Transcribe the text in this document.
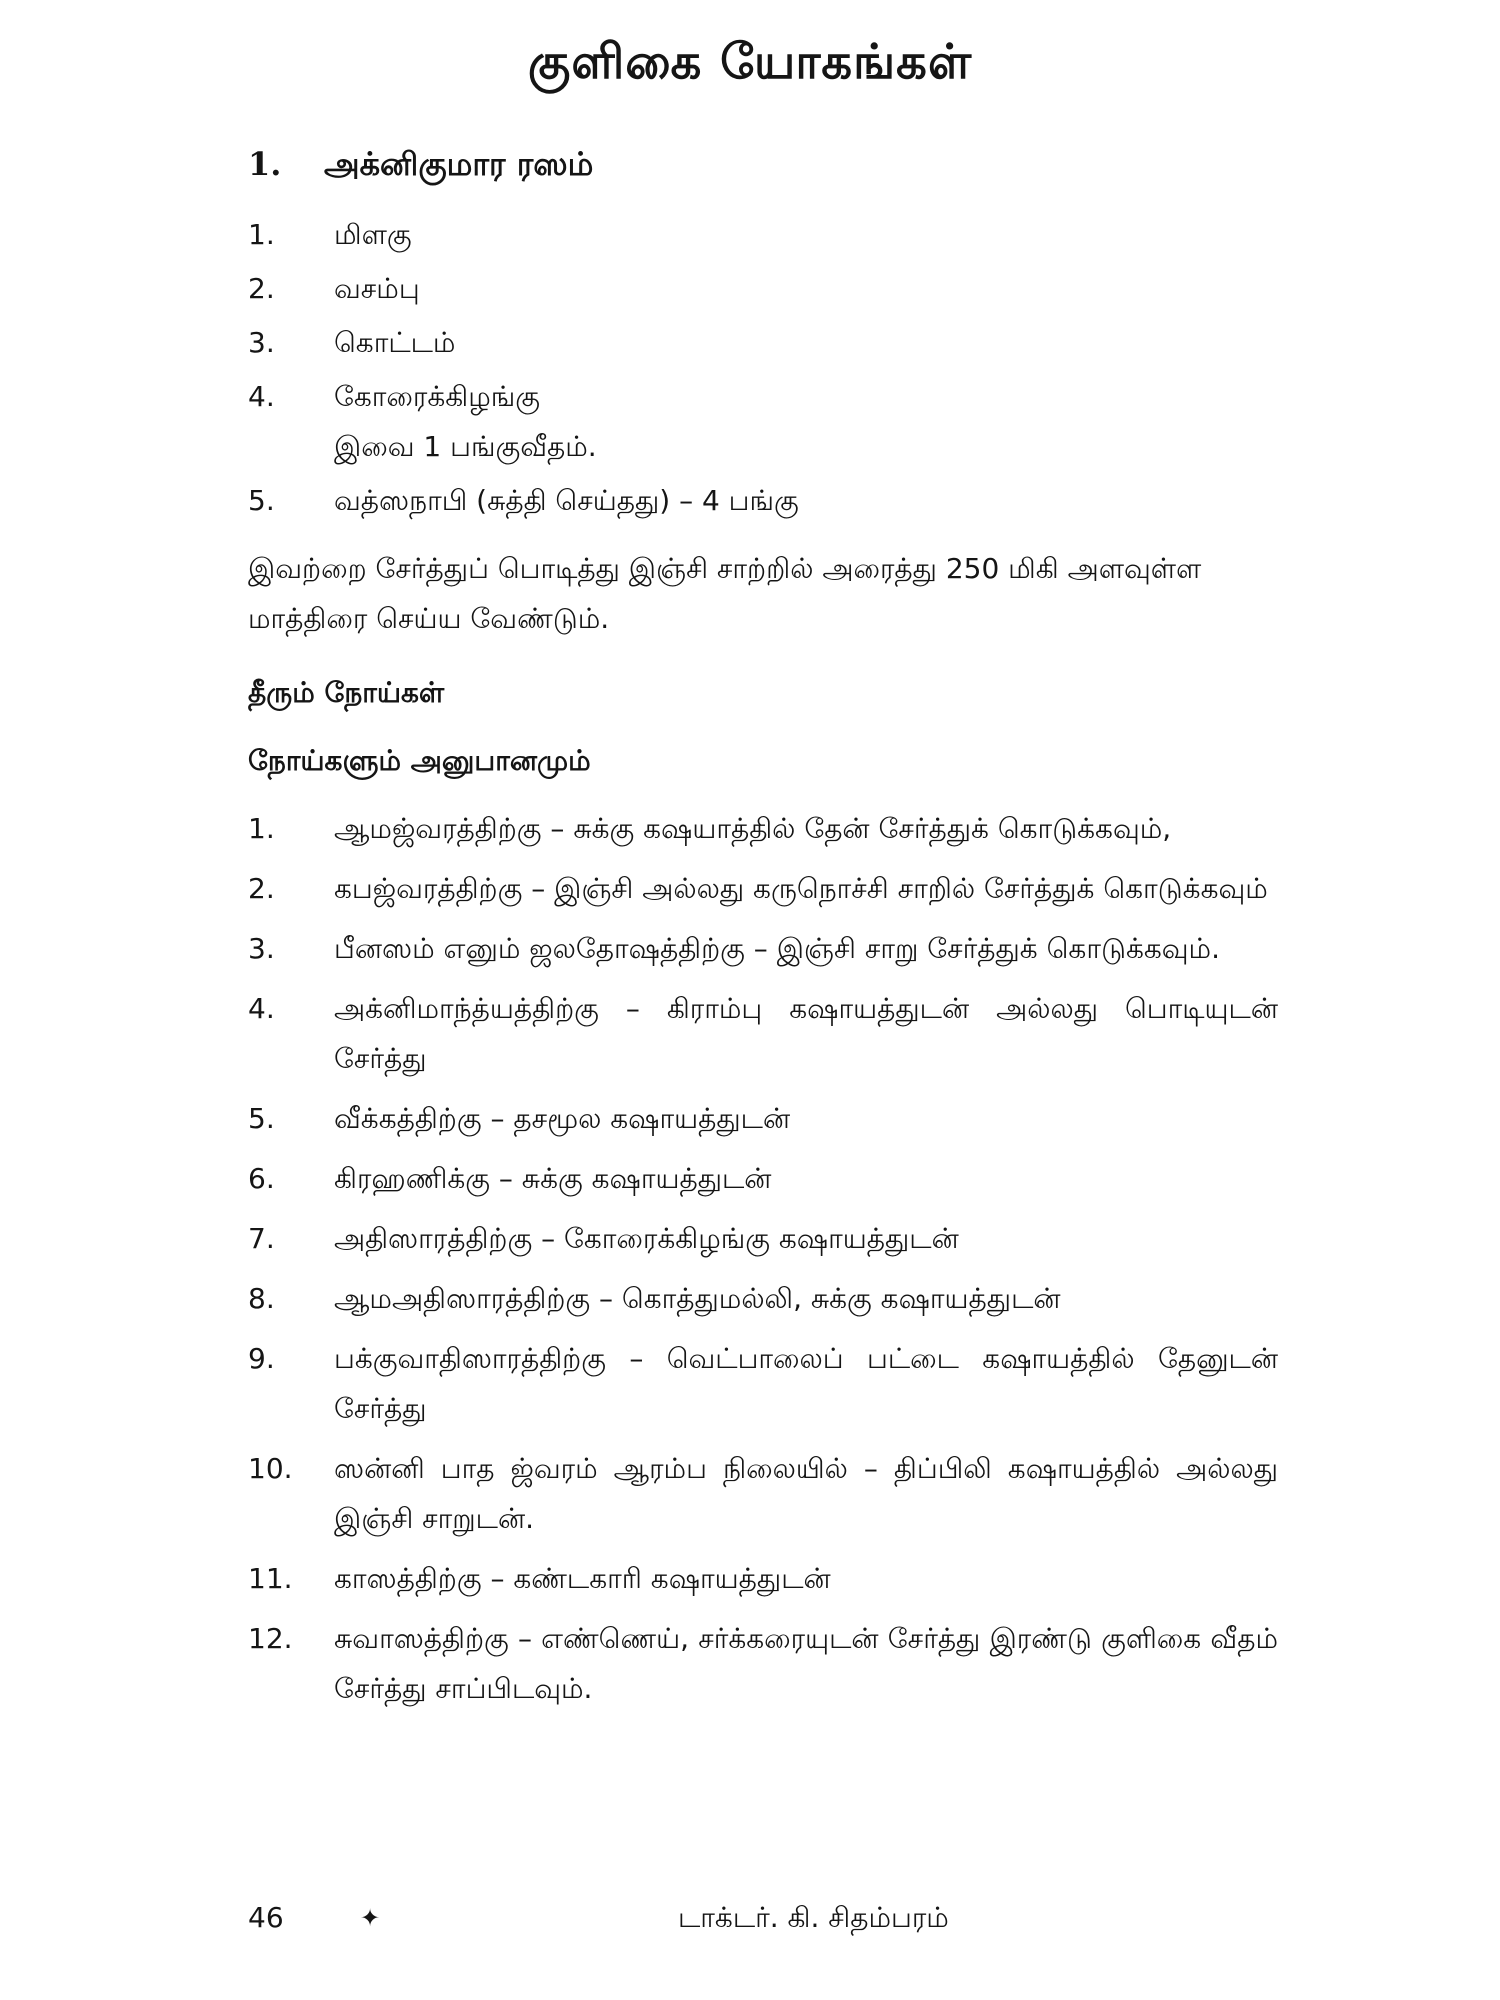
குளிகை யோகங்கள்
1.	அக்னிகுமார ரஸம்
1.	மிளகு
2.	வசம்பு
3.	கொட்டம்
4.	கோரைக்கிழங்கு
இவை 1 பங்குவீதம்.
5.	வத்ஸநாபி (சுத்தி செய்தது) – 4 பங்கு

இவற்றை சேர்த்துப் பொடித்து இஞ்சி சாற்றில் அரைத்து 250 மிகி அளவுள்ள மாத்திரை செய்ய வேண்டும்.

தீரும் நோய்கள்
நோய்களும் அனுபானமும்
1.	ஆமஜ்வரத்திற்கு – சுக்கு கஷயாத்தில் தேன் சேர்த்துக் கொடுக்கவும்,
2.	கபஜ்வரத்திற்கு – இஞ்சி அல்லது கருநொச்சி சாறில் சேர்த்துக் கொடுக்கவும்
3.	பீனஸம் எனும் ஜலதோஷத்திற்கு – இஞ்சி சாறு சேர்த்துக் கொடுக்கவும்.
4.	அக்னிமாந்த்யத்திற்கு – கிராம்பு கஷாயத்துடன் அல்லது பொடியுடன் சேர்த்து
5.	வீக்கத்திற்கு – தசமூல கஷாயத்துடன்
6.	கிரஹணிக்கு – சுக்கு கஷாயத்துடன்
7.	அதிஸாரத்திற்கு – கோரைக்கிழங்கு கஷாயத்துடன்
8.	ஆமஅதிஸாரத்திற்கு – கொத்துமல்லி, சுக்கு கஷாயத்துடன்
9.	பக்குவாதிஸாரத்திற்கு – வெட்பாலைப் பட்டை கஷாயத்தில் தேனுடன் சேர்த்து
10.	ஸன்னி பாத ஜ்வரம் ஆரம்ப நிலையில் – திப்பிலி கஷாயத்தில் அல்லது இஞ்சி சாறுடன்.
11.	காஸத்திற்கு – கண்டகாரி கஷாயத்துடன்
12.	சுவாஸத்திற்கு – எண்ணெய், சர்க்கரையுடன் சேர்த்து இரண்டு குளிகை வீதம் சேர்த்து சாப்பிடவும்.
46	✦	டாக்டர். கி. சிதம்பரம்
